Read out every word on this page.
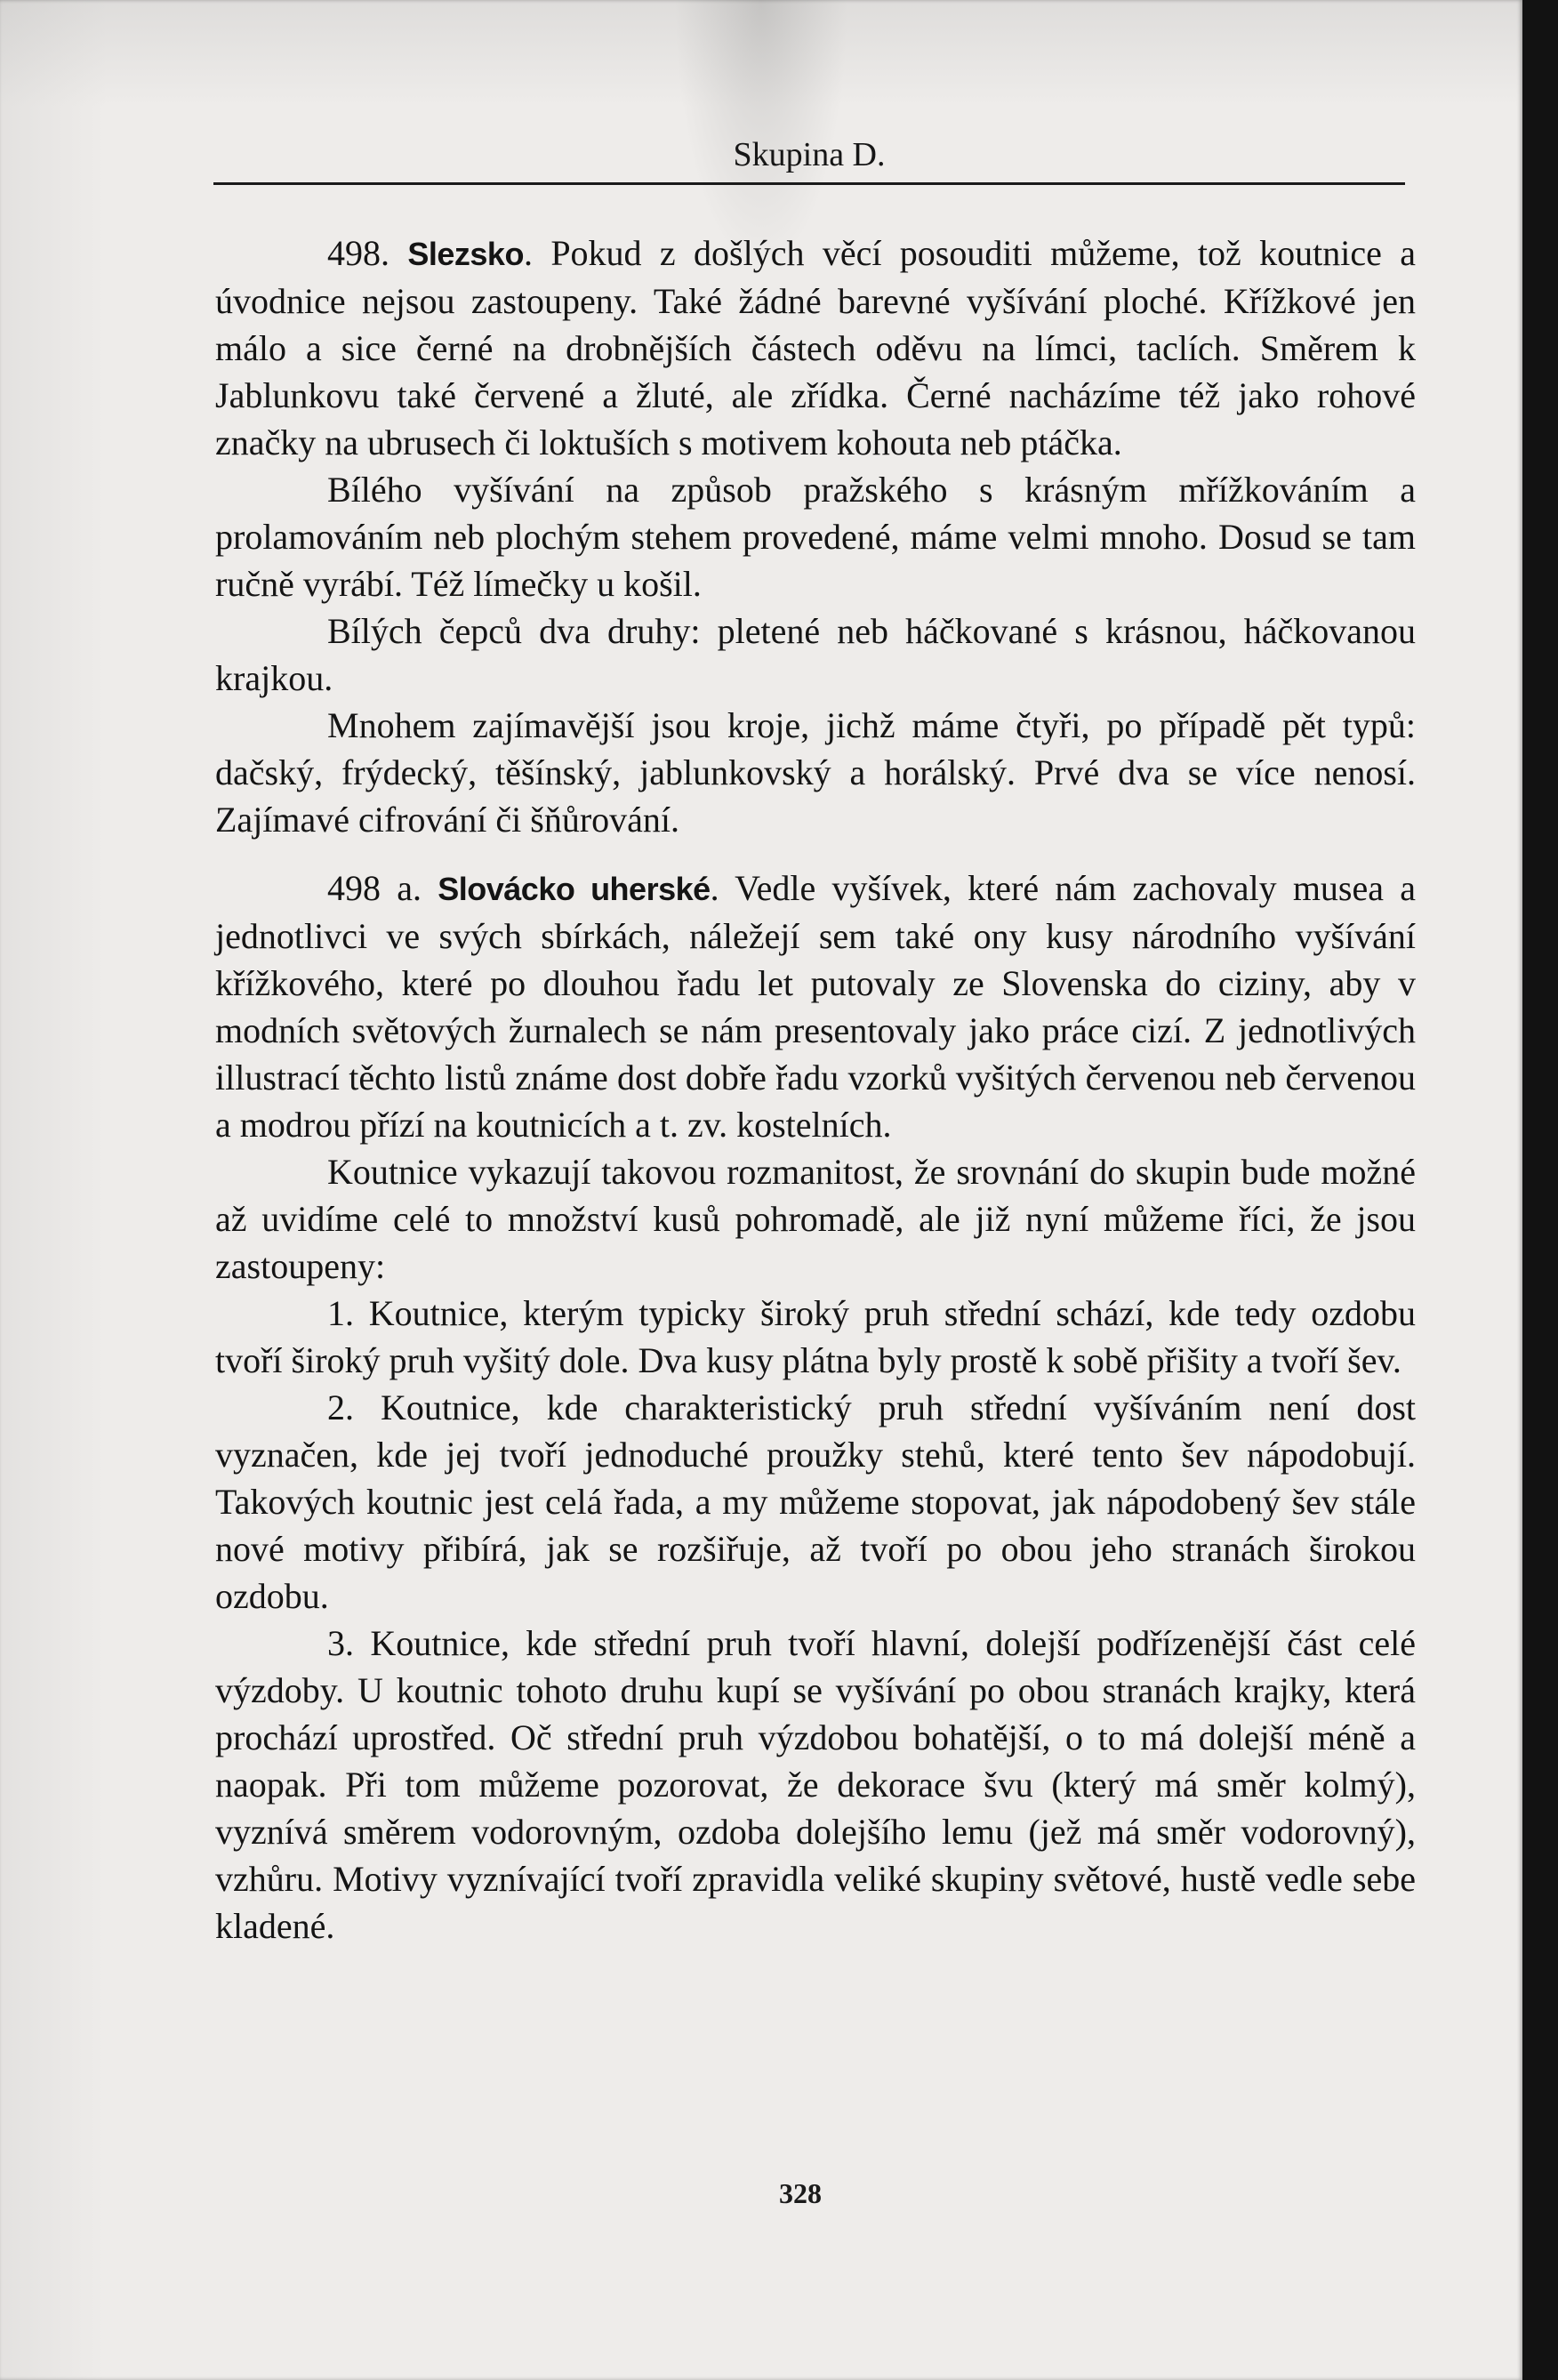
Skupina D.

498. Slezsko. Pokud z došlých věcí posouditi můžeme, tož koutnice a úvodnice nejsou zastoupeny. Také žádné barevné vyšívání ploché. Křížkové jen málo a sice černé na drobnějších částech oděvu na límci, taclích. Směrem k Jablunkovu také červené a žluté, ale zřídka. Černé nacházíme též jako rohové značky na ubrusech či loktuších s motivem kohouta neb ptáčka.

Bílého vyšívání na způsob pražského s krásným mřížkováním a prolamováním neb plochým stehem provedené, máme velmi mnoho. Dosud se tam ručně vyrábí. Též límečky u košil.

Bílých čepců dva druhy: pletené neb háčkované s krásnou, háčkovanou krajkou.

Mnohem zajímavější jsou kroje, jichž máme čtyři, po případě pět typů: dačský, frýdecký, těšínský, jablunkovský a horálský. Prvé dva se více nenosí. Zajímavé cifrování či šňůrování.

498 a. Slovácko uherské. Vedle vyšívek, které nám zachovaly musea a jednotlivci ve svých sbírkách, náležejí sem také ony kusy národního vyšívání křížkového, které po dlouhou řadu let putovaly ze Slovenska do ciziny, aby v modních světových žurnalech se nám presentovaly jako práce cizí. Z jednotlivých illustrací těchto listů známe dost dobře řadu vzorků vyšitých červenou neb červenou a modrou přízí na koutnicích a t. zv. kostelních.

Koutnice vykazují takovou rozmanitost, že srovnání do skupin bude možné až uvidíme celé to množství kusů pohromadě, ale již nyní můžeme říci, že jsou zastoupeny:

1. Koutnice, kterým typicky široký pruh střední schází, kde tedy ozdobu tvoří široký pruh vyšitý dole. Dva kusy plátna byly prostě k sobě přišity a tvoří šev.

2. Koutnice, kde charakteristický pruh střední vyšíváním není dost vyznačen, kde jej tvoří jednoduché proužky stehů, které tento šev nápodobují. Takových koutnic jest celá řada, a my můžeme stopovat, jak nápodobený šev stále nové motivy přibírá, jak se rozšiřuje, až tvoří po obou jeho stranách širokou ozdobu.

3. Koutnice, kde střední pruh tvoří hlavní, dolejší podřízenější část celé výzdoby. U koutnic tohoto druhu kupí se vyšívání po obou stranách krajky, která prochází uprostřed. Oč střední pruh výzdobou bohatější, o to má dolejší méně a naopak. Při tom můžeme pozorovat, že dekorace švu (který má směr kolmý), vyznívá směrem vodorovným, ozdoba dolejšího lemu (jež má směr vodorovný), vzhůru. Motivy vyznívající tvoří zpravidla veliké skupiny světové, hustě vedle sebe kladené.

328
